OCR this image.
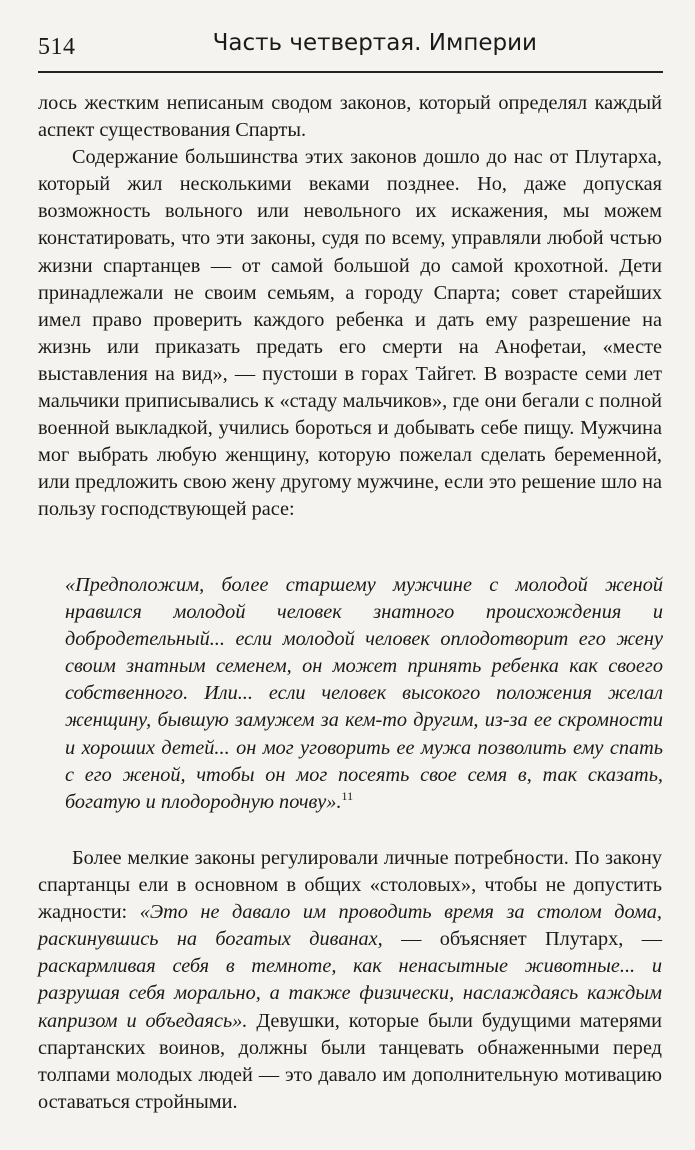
514	Часть четвертая. Империи

лось жестким неписаным сводом законов, который определял каждый аспект существования Спарты.

Содержание большинства этих законов дошло до нас от Плутарха, который жил несколькими веками позднее. Но, даже допуская возможность вольного или невольного их искажения, мы можем констатировать, что эти законы, судя по всему, управляли любой чстью жизни спартанцев — от самой большой до самой крохотной. Дети принадлежали не своим семьям, а городу Спарта; совет старейших имел право проверить каждого ребенка и дать ему разрешение на жизнь или приказать предать его смерти на Анофетаи, «месте выставления на вид», — пустоши в горах Тайгет. В возрасте семи лет мальчики приписывались к «стаду мальчиков», где они бегали с полной военной выкладкой, учились бороться и добывать себе пищу. Мужчина мог выбрать любую женщину, которую пожелал сделать беременной, или предложить свою жену другому мужчине, если это решение шло на пользу господствующей расе:

«Предположим, более старшему мужчине с молодой женой нравился молодой человек знатного происхождения и добродетельный... если молодой человек оплодотворит его жену своим знатным семенем, он может принять ребенка как своего собственного. Или... если человек высокого положения желал женщину, бывшую замужем за кем-то другим, из-за ее скромности и хороших детей... он мог уговорить ее мужа позволить ему спать с его женой, чтобы он мог посеять свое семя в, так сказать, богатую и плодородную почву».$^{11}$

Более мелкие законы регулировали личные потребности. По закону спартанцы ели в основном в общих «столовых», чтобы не допустить жадности: «Это не давало им проводить время за столом дома, раскинувшись на богатых диванах, — объясняет Плутарх, — раскармливая себя в темноте, как ненасытные животные... и разрушая себя морально, а также физически, наслаждаясь каждым капризом и объедаясь». Девушки, которые были будущими матерями спартанских воинов, должны были танцевать обнаженными перед толпами молодых людей — это давало им дополнительную мотивацию оставаться стройными.
